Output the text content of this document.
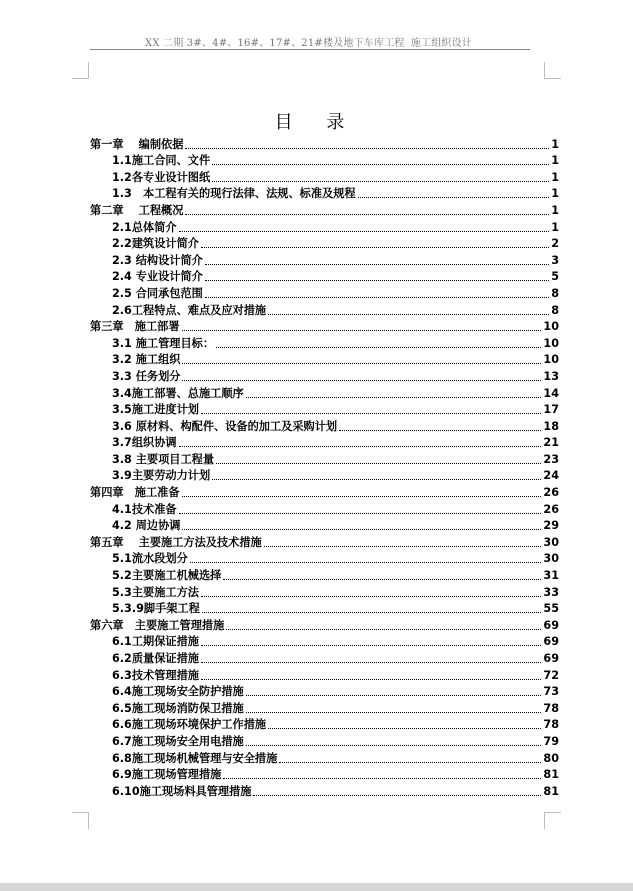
XX 二期 3#、4#、16#、17#、21#楼及地下车库工程 施工组织设计
目 录
第一章　 编制依据	1
1.1施工合同、文件	1
1.2各专业设计图纸	1
1.3　本工程有关的现行法律、法规、标准及规程	1
第二章　 工程概况	1
2.1总体简介	1
2.2建筑设计简介	2
2.3 结构设计简介	3
2.4 专业设计简介	5
2.5 合同承包范围	8
2.6工程特点、难点及应对措施	8
第三章　施工部署	10
3.1 施工管理目标：	10
3.2 施工组织	10
3.3 任务划分	13
3.4施工部署、总施工顺序	14
3.5施工进度计划	17
3.6 原材料、构配件、设备的加工及采购计划	18
3.7组织协调	21
3.8 主要项目工程量	23
3.9主要劳动力计划	24
第四章　施工准备	26
4.1技术准备	26
4.2 周边协调	29
第五章　 主要施工方法及技术措施	30
5.1流水段划分	30
5.2主要施工机械选择	31
5.3主要施工方法	33
5.3.9脚手架工程	55
第六章　主要施工管理措施	69
6.1工期保证措施	69
6.2质量保证措施	69
6.3技术管理措施	72
6.4施工现场安全防护措施	73
6.5施工现场消防保卫措施	78
6.6施工现场环境保护工作措施	78
6.7施工现场安全用电措施	79
6.8施工现场机械管理与安全措施	80
6.9施工现场管理措施	81
6.10施工现场料具管理措施	81
